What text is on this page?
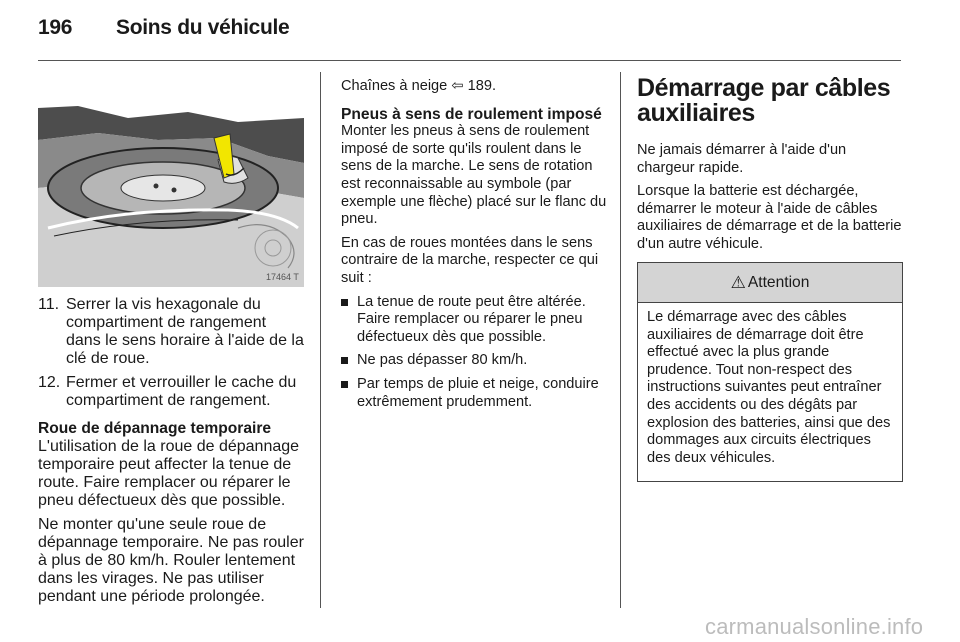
196 Soins du véhicule
17464 T
11. Serrer la vis hexagonale du compartiment de rangement dans le sens horaire à l'aide de la clé de roue.
12. Fermer et verrouiller le cache du compartiment de rangement.
Roue de dépannage temporaire

L'utilisation de la roue de dépannage temporaire peut affecter la tenue de route. Faire remplacer ou réparer le pneu défectueux dès que possible.

Ne monter qu'une seule roue de dépannage temporaire. Ne pas rouler à plus de 80 km/h. Rouler lentement dans les virages. Ne pas utiliser pendant une période prolongée.

Chaînes à neige ⇦ 189.

Pneus à sens de roulement imposé

Monter les pneus à sens de roulement imposé de sorte qu'ils roulent dans le sens de la marche. Le sens de rotation est reconnaissable au symbole (par exemple une flèche) placé sur le flanc du pneu.

En cas de roues montées dans le sens contraire de la marche, respecter ce qui suit :

La tenue de route peut être altérée. Faire remplacer ou réparer le pneu défectueux dès que possible.
Ne pas dépasser 80 km/h.
Par temps de pluie et neige, conduire extrêmement prudemment.
Démarrage par câbles auxiliaires

Ne jamais démarrer à l'aide d'un chargeur rapide.

Lorsque la batterie est déchargée, démarrer le moteur à l'aide de câbles auxiliaires de démarrage et de la batterie d'un autre véhicule.

⚠ Attention
Le démarrage avec des câbles auxiliaires de démarrage doit être effectué avec la plus grande prudence. Tout non-respect des instructions suivantes peut entraîner des accidents ou des dégâts par explosion des batteries, ainsi que des dommages aux circuits électriques des deux véhicules.
carmanualsonline.info
